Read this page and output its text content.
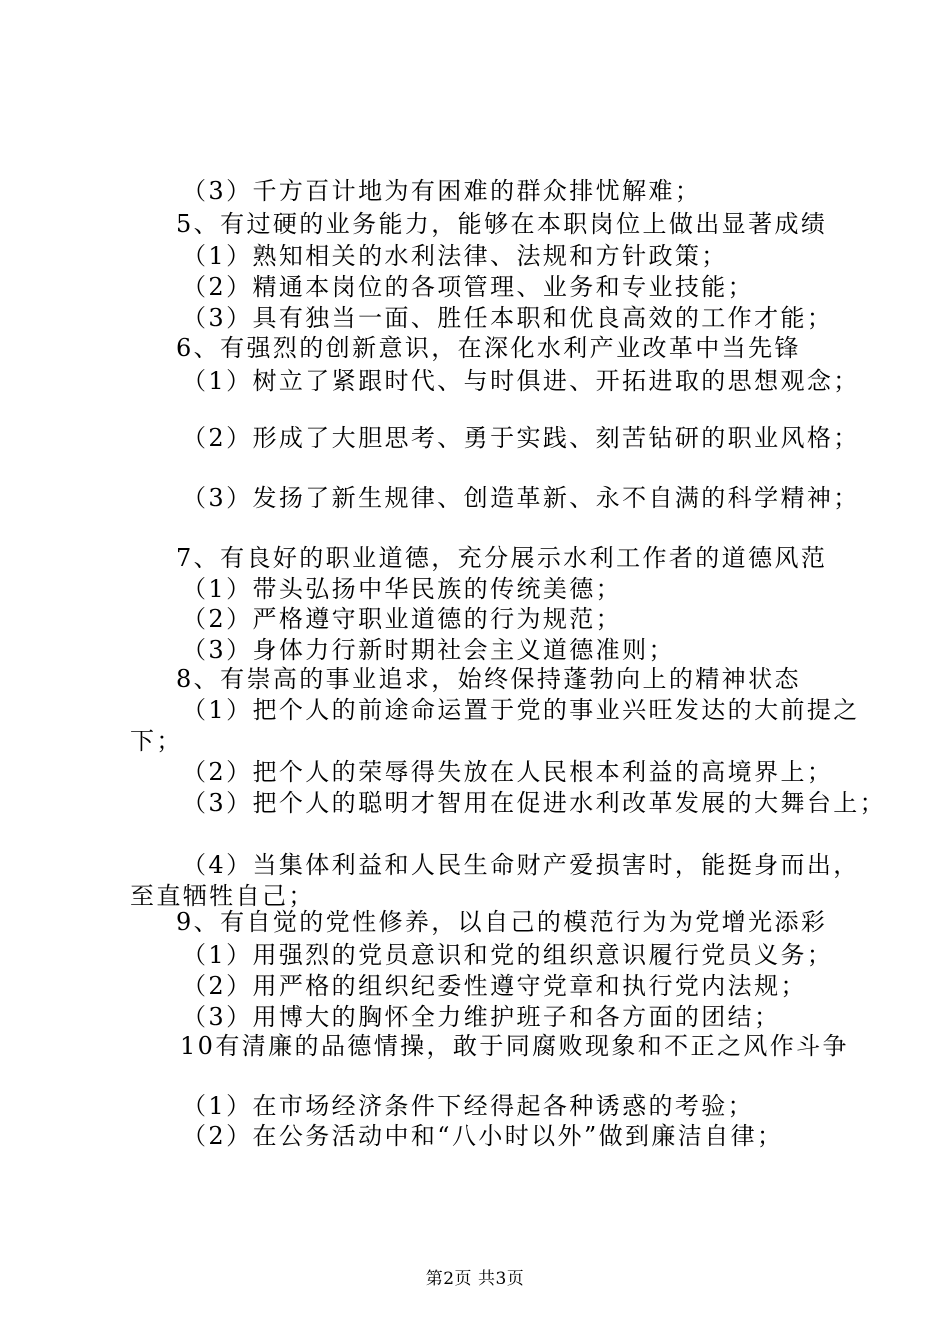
（3）千方百计地为有困难的群众排忧解难；
5、有过硬的业务能力，能够在本职岗位上做出显著成绩
（1）熟知相关的水利法律、法规和方针政策；
（2）精通本岗位的各项管理、业务和专业技能；
（3）具有独当一面、胜任本职和优良高效的工作才能；
6、有强烈的创新意识，在深化水利产业改革中当先锋
（1）树立了紧跟时代、与时俱进、开拓进取的思想观念；
（2）形成了大胆思考、勇于实践、刻苦钻研的职业风格；
（3）发扬了新生规律、创造革新、永不自满的科学精神；
7、有良好的职业道德，充分展示水利工作者的道德风范
（1）带头弘扬中华民族的传统美德；
（2）严格遵守职业道德的行为规范；
（3）身体力行新时期社会主义道德准则；
8、有崇高的事业追求，始终保持蓬勃向上的精神状态
（1）把个人的前途命运置于党的事业兴旺发达的大前提之
下；
（2）把个人的荣辱得失放在人民根本利益的高境界上；
（3）把个人的聪明才智用在促进水利改革发展的大舞台上；
（4）当集体利益和人民生命财产爱损害时，能挺身而出，
至直牺牲自己；
9、有自觉的党性修养，以自己的模范行为为党增光添彩
（1）用强烈的党员意识和党的组织意识履行党员义务；
（2）用严格的组织纪委性遵守党章和执行党内法规；
（3）用博大的胸怀全力维护班子和各方面的团结；
10有清廉的品德情操，敢于同腐败现象和不正之风作斗争
（1）在市场经济条件下经得起各种诱惑的考验；
（2）在公务活动中和“八小时以外”做到廉洁自律；
第2页 共3页
